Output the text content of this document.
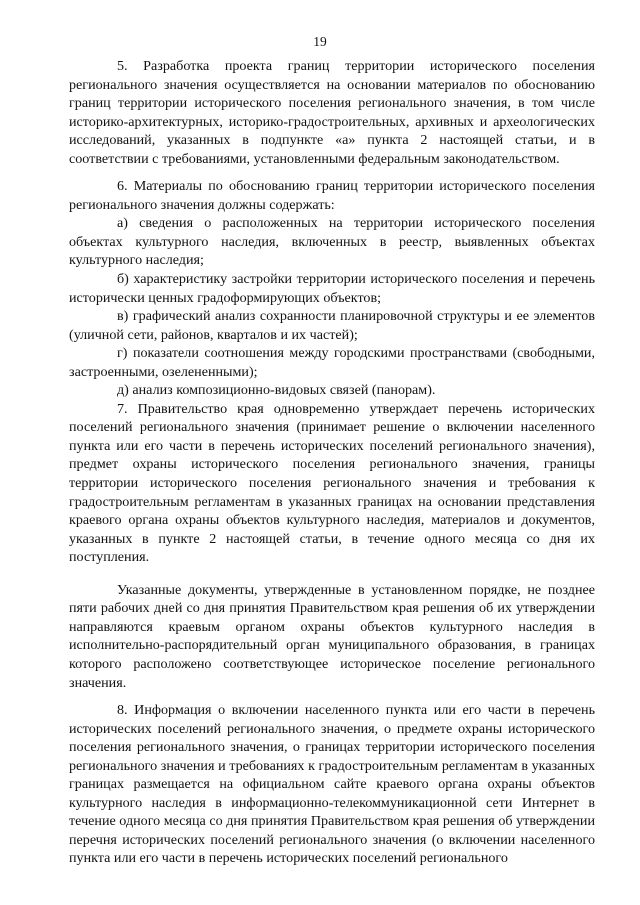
19

5. Разработка проекта границ территории исторического поселения регионального значения осуществляется на основании материалов по обоснованию границ территории исторического поселения регионального значения, в том числе историко-архитектурных, историко-градостроительных, архивных и археологических исследований, указанных в подпункте «а» пункта 2 настоящей статьи, и в соответствии с требованиями, установленными федеральным законодательством.

6. Материалы по обоснованию границ территории исторического поселения регионального значения должны содержать:

а) сведения о расположенных на территории исторического поселения объектах культурного наследия, включенных в реестр, выявленных объектах культурного наследия;

б) характеристику застройки территории исторического поселения и перечень исторически ценных градоформирующих объектов;

в) графический анализ сохранности планировочной структуры и ее элементов (уличной сети, районов, кварталов и их частей);

г) показатели соотношения между городскими пространствами (свободными, застроенными, озелененными);

д) анализ композиционно-видовых связей (панорам).

7. Правительство края одновременно утверждает перечень исторических поселений регионального значения (принимает решение о включении населенного пункта или его части в перечень исторических поселений регионального значения), предмет охраны исторического поселения регионального значения, границы территории исторического поселения регионального значения и требования к градостроительным регламентам в указанных границах на основании представления краевого органа охраны объектов культурного наследия, материалов и документов, указанных в пункте 2 настоящей статьи, в течение одного месяца со дня их поступления.

Указанные документы, утвержденные в установленном порядке, не позднее пяти рабочих дней со дня принятия Правительством края решения об их утверждении направляются краевым органом охраны объектов культурного наследия в исполнительно-распорядительный орган муниципального образования, в границах которого расположено соответствующее историческое поселение регионального значения.

8. Информация о включении населенного пункта или его части в перечень исторических поселений регионального значения, о предмете охраны исторического поселения регионального значения, о границах территории исторического поселения регионального значения и требованиях к градостроительным регламентам в указанных границах размещается на официальном сайте краевого органа охраны объектов культурного наследия в информационно-телекоммуникационной сети Интернет в течение одного месяца со дня принятия Правительством края решения об утверждении перечня исторических поселений регионального значения (о включении населенного пункта или его части в перечень исторических поселений регионального
